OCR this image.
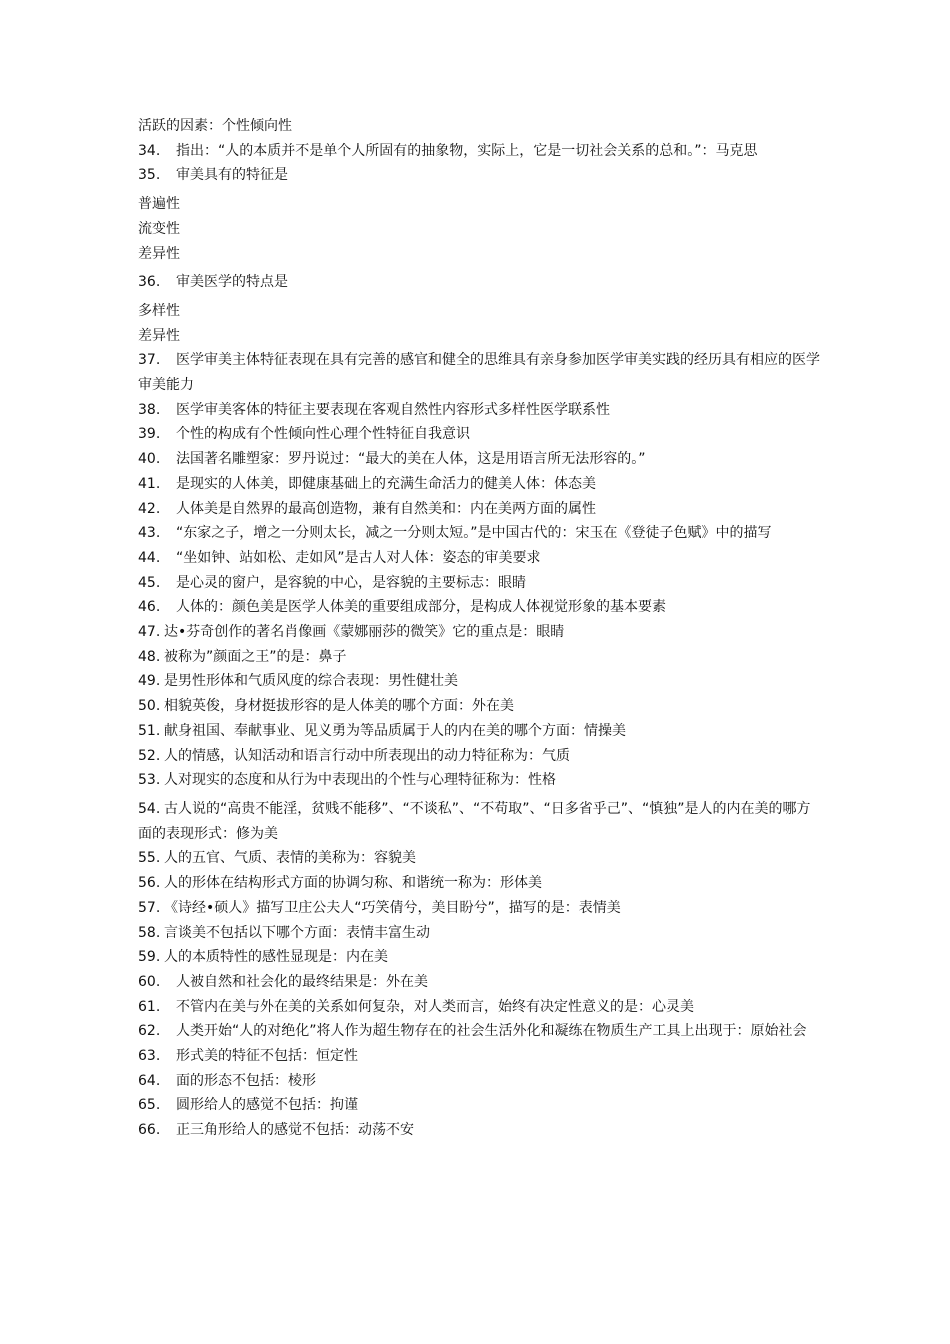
活跃的因素：个性倾向性
34. 指出：“人的本质并不是单个人所固有的抽象物，实际上，它是一切社会关系的总和。”：马克思
35. 审美具有的特征是
普遍性
流变性
差异性
36. 审美医学的特点是
多样性
差异性
37. 医学审美主体特征表现在具有完善的感官和健全的思维具有亲身参加医学审美实践的经历具有相应的医学审美能力
38. 医学审美客体的特征主要表现在客观自然性内容形式多样性医学联系性
39. 个性的构成有个性倾向性心理个性特征自我意识
40. 法国著名雕塑家：罗丹说过：“最大的美在人体，这是用语言所无法形容的。”
41. 是现实的人体美，即健康基础上的充满生命活力的健美人体：体态美
42. 人体美是自然界的最高创造物，兼有自然美和：内在美两方面的属性
43. “东家之子，增之一分则太长，减之一分则太短。”是中国古代的：宋玉在《登徒子色赋》中的描写
44. “坐如钟、站如松、走如风”是古人对人体：姿态的审美要求
45. 是心灵的窗户，是容貌的中心，是容貌的主要标志：眼睛
46. 人体的：颜色美是医学人体美的重要组成部分，是构成人体视觉形象的基本要素
47. 达•芬奇创作的著名肖像画《蒙娜丽莎的微笑》它的重点是：眼睛
48. 被称为”颜面之王”的是：鼻子
49. 是男性形体和气质风度的综合表现：男性健壮美
50. 相貌英俊，身材挺拔形容的是人体美的哪个方面：外在美
51. 献身祖国、奉献事业、见义勇为等品质属于人的内在美的哪个方面：情操美
52. 人的情感，认知活动和语言行动中所表现出的动力特征称为：气质
53. 人对现实的态度和从行为中表现出的个性与心理特征称为：性格
54. 古人说的“高贵不能淫，贫贱不能移”、“不谈私”、“不苟取”、“日多省乎己”、“慎独”是人的内在美的哪方面的表现形式：修为美
55. 人的五官、气质、表情的美称为：容貌美
56. 人的形体在结构形式方面的协调匀称、和谐统一称为：形体美
57. 《诗经•硕人》描写卫庄公夫人“巧笑倩兮，美目盼兮”，描写的是：表情美
58. 言谈美不包括以下哪个方面：表情丰富生动
59. 人的本质特性的感性显现是：内在美
60. 人被自然和社会化的最终结果是：外在美
61. 不管内在美与外在美的关系如何复杂，对人类而言，始终有决定性意义的是：心灵美
62. 人类开始“人的对绝化”将人作为超生物存在的社会生活外化和凝练在物质生产工具上出现于：原始社会
63. 形式美的特征不包括：恒定性
64. 面的形态不包括：棱形
65. 圆形给人的感觉不包括：拘谨
66. 正三角形给人的感觉不包括：动荡不安
